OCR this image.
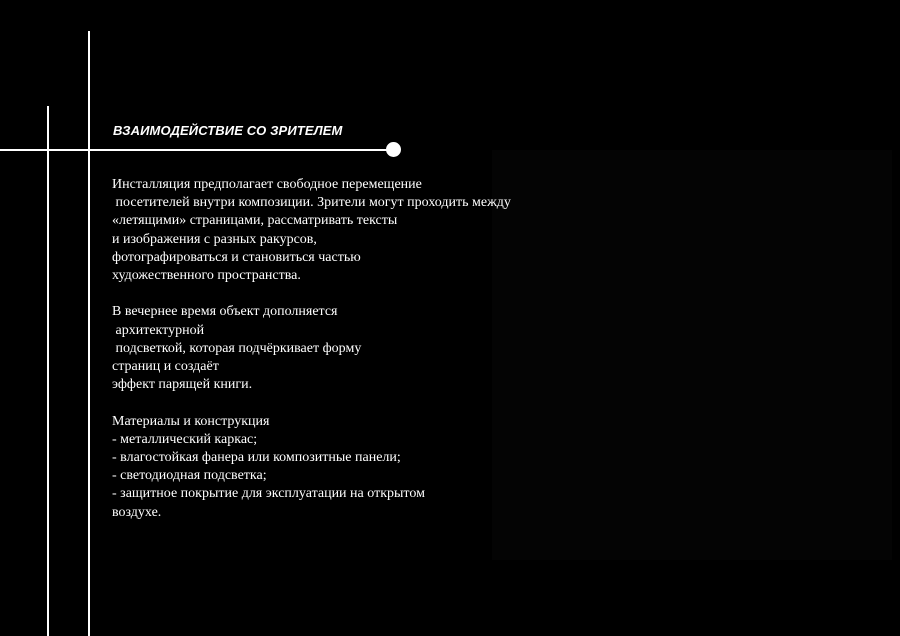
ВЗАИМОДЕЙСТВИЕ СО ЗРИТЕЛЕМ

Инсталляция предполагает свободное перемещение
посетителей внутри композиции. Зрители могут проходить между
«летящими» страницами, рассматривать тексты
и изображения с разных ракурсов,
фотографироваться и становиться частью
художественного пространства.

В вечернее время объект дополняется
архитектурной
подсветкой, которая подчёркивает форму
страниц и создаёт
эффект парящей книги.

Материалы и конструкция
- металлический каркас;
- влагостойкая фанера или композитные панели;
- светодиодная подсветка;
- защитное покрытие для эксплуатации на открытом
воздухе.
